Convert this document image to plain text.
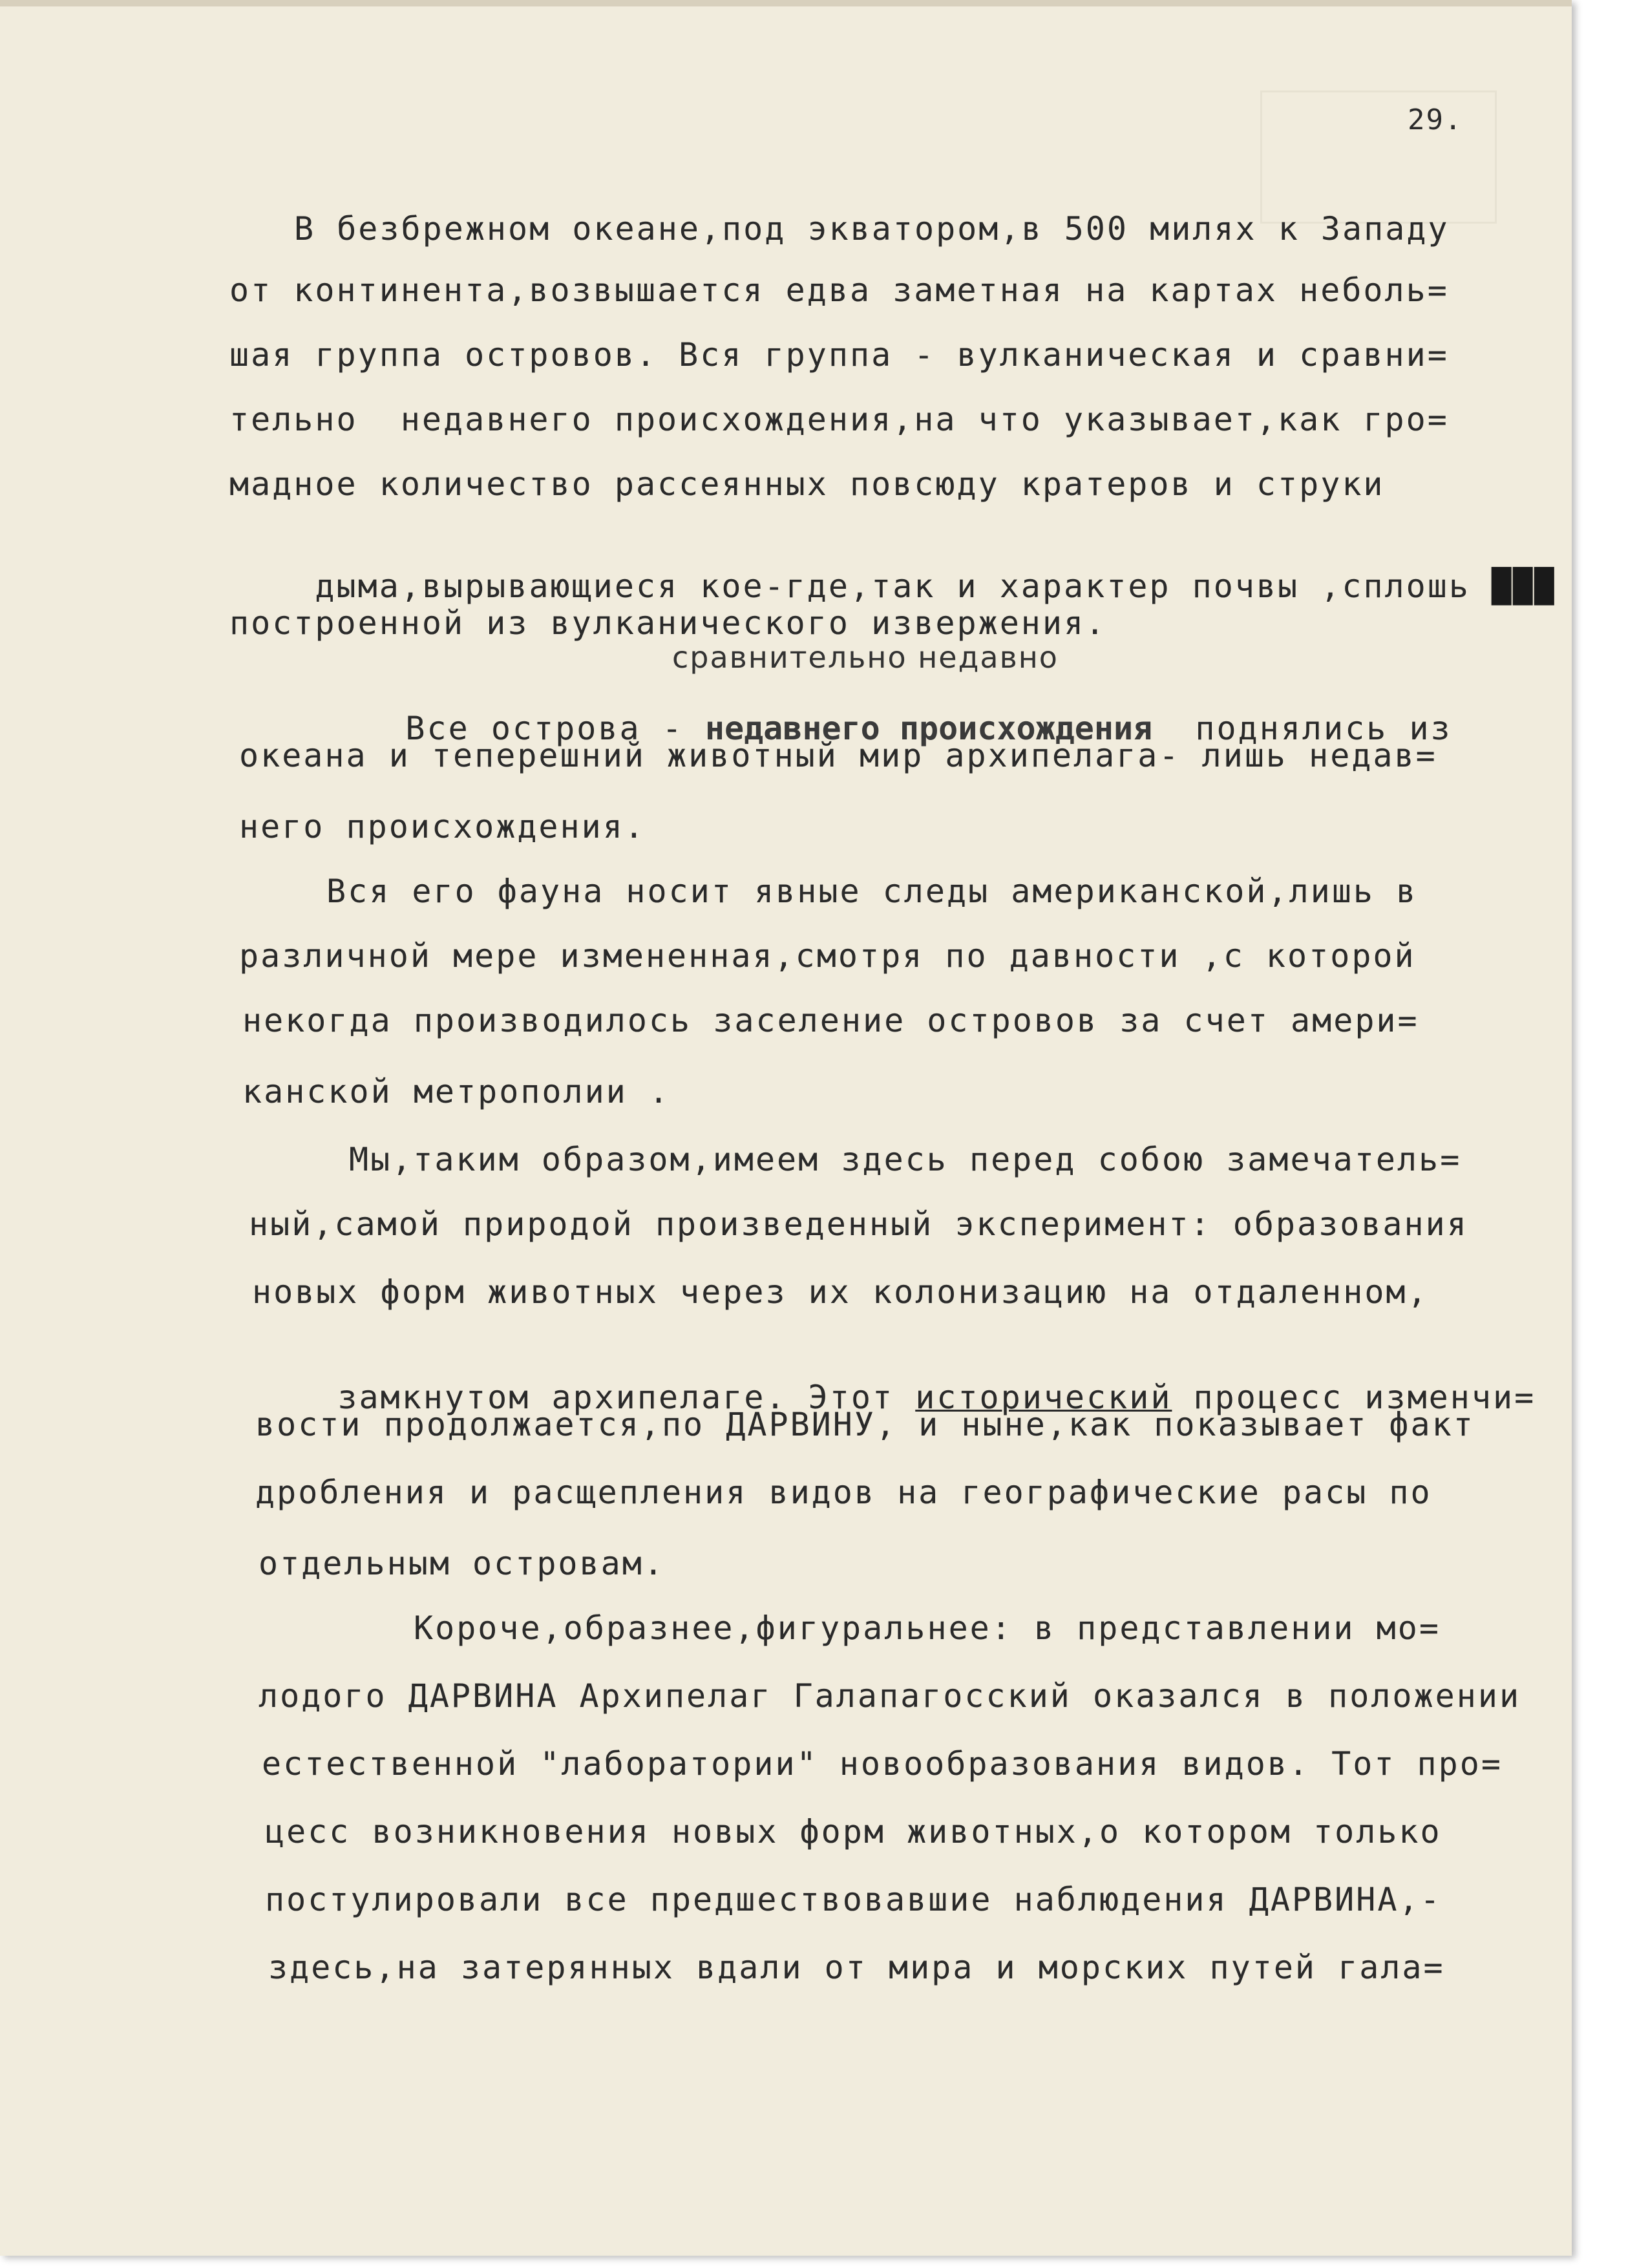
29.
В безбрежном океане,под экватором,в 500 милях к Западу
от континента,возвышается едва заметная на картах неболь=
шая группа островов. Вся группа - вулканическая и сравни=
тельно  недавнего происхождения,на что указывает,как гро=
мадное количество рассеянных повсюду кратеров и струки

дыма,вырывающиеся кое-где,так и характер почвы ,сплошь ███

построенной из вулканического извержения.
сравнительно недавно

Все острова - недавнего происхождения  поднялись из

океана и теперешний животный мир архипелага- лишь недав=
него происхождения.
Вся его фауна носит явные следы американской,лишь в
различной мере измененная,смотря по давности ,с которой
некогда производилось заселение островов за счет амери=
канской метрополии .
Мы,таким образом,имеем здесь перед собою замечатель=
ный,самой природой произведенный эксперимент: образования
новых форм животных через их колонизацию на отдаленном,

замкнутом архипелаге. Этот исторический процесс изменчи=

вости продолжается,по ДАРВИНУ, и ныне,как показывает факт
дробления и расщепления видов на географические расы по
отдельным островам.
Короче,образнее,фигуральнее: в представлении мо=
лодого ДАРВИНА Архипелаг Галапагосский оказался в положении
естественной "лаборатории" новообразования видов. Тот про=
цесс возникновения новых форм животных,о котором только
постулировали все предшествовавшие наблюдения ДАРВИНА,-
здесь,на затерянных вдали от мира и морских путей гала=
